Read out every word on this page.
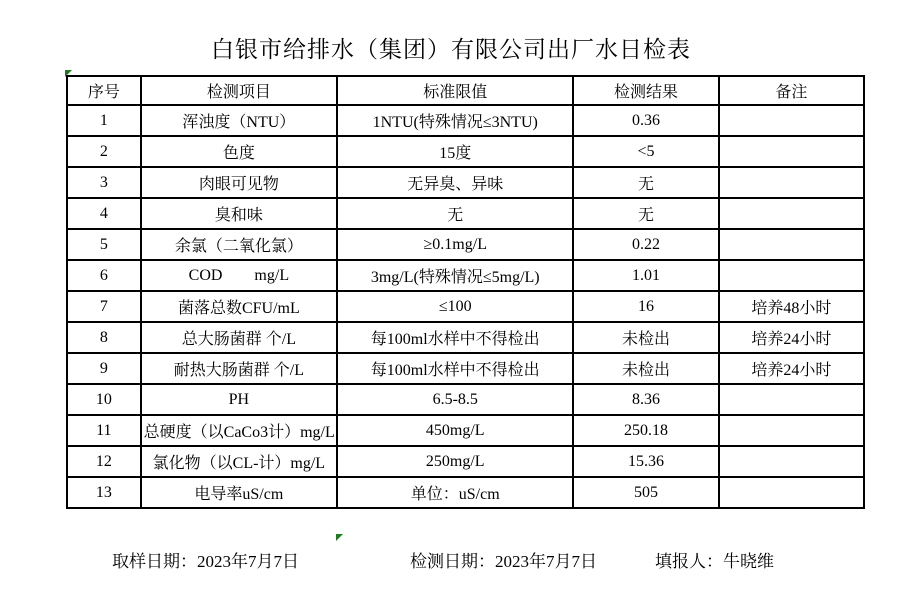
白银市给排水（集团）有限公司出厂水日检表
序号	检测项目	标准限值	检测结果	备注
1	浑浊度（NTU）	1NTU(特殊情况≤3NTU)	0.36	
2	色度	15度	<5	
3	肉眼可见物	无异臭、异味	无	
4	臭和味	无	无	
5	余氯（二氧化氯）	≥0.1mg/L	0.22	
6	COD        mg/L	3mg/L(特殊情况≤5mg/L)	1.01	
7	菌落总数CFU/mL	≤100	16	培养48小时
8	总大肠菌群 个/L	每100ml水样中不得检出	未检出	培养24小时
9	耐热大肠菌群 个/L	每100ml水样中不得检出	未检出	培养24小时
10	PH	6.5-8.5	8.36	
11	总硬度（以CaCo3计）mg/L	450mg/L	250.18	
12	氯化物（以CL-计）mg/L	250mg/L	15.36	
13	电导率uS/cm	单位：uS/cm	505	
取样日期：2023年7月7日	检测日期：2023年7月7日	填报人：牛晓维
